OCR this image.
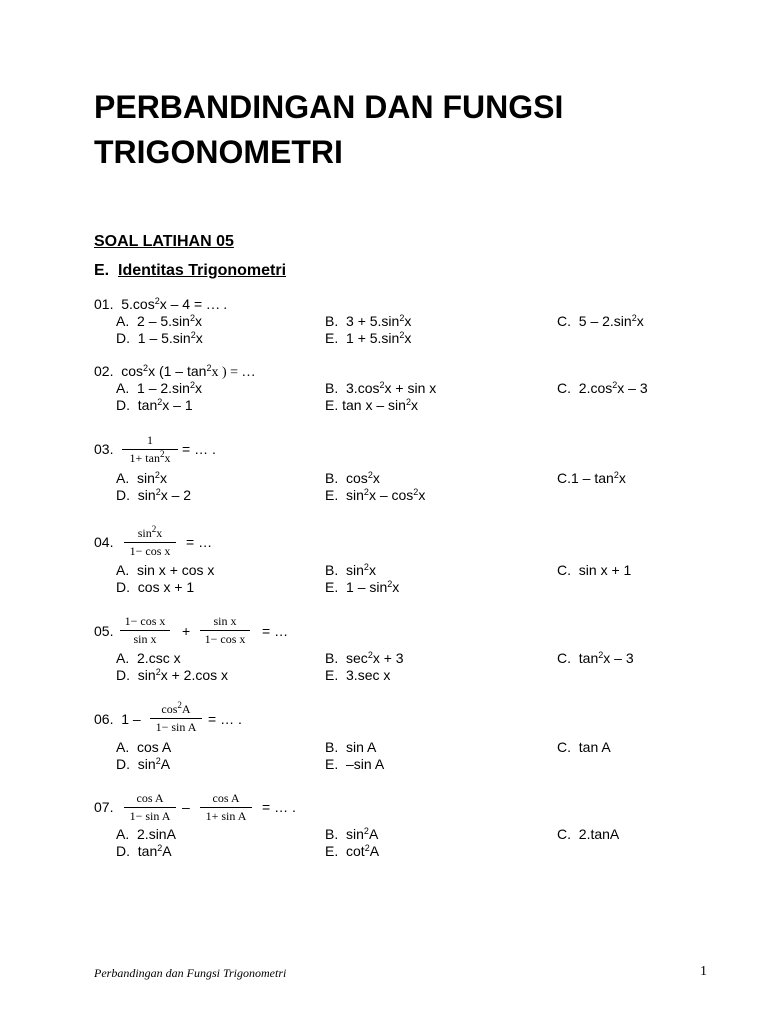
PERBANDINGAN DAN FUNGSI
TRIGONOMETRI
SOAL LATIHAN 05
E. Identitas Trigonometri
01. $5.\cos^2x - 4$ = … .
A. $2 - 5.\sin^2x$	B. $3 + 5.\sin^2x$	C. $5 - 2.\sin^2x$
D. $1 - 5.\sin^2x$	E. $1 + 5.\sin^2x$
02. $\cos^2x$ ($1 - \tan^2x$ ) = …
A. $1 - 2.\sin^2x$	B. $3.\cos^2x + \sin x$	C. $2.\cos^2x - 3$
D. $\tan^2x - 1$	E. tan x – $\sin^2x$
03.
1
$1+ \tan^2x$
= … .
A. $\sin^2x$	B. $\cos^2x$	$C.1 - \tan^2x$
D. $\sin^2x - 2$	E. $\sin^2x - \cos^2x$
04.
$\sin^2x$
1− cos x
= …
A. sin x + cos x	B. $\sin^2x$	C. sin x + 1
D. cos x + 1	E. $1 - \sin^2x$
05.
1− cos x
sin x	+
sin x
1− cos x	= …
A. 2.csc x	B. $\sec^2x + 3$	C. $\tan^2x - 3$
D. $\sin^2x + 2.\cos$ x	E. 3.sec x
06. 1 –
$\cos^2A$
1− sin A = … .
A. cos A	B. sin A	C. tan A
D. $\sin^2A$	E. –sin A
07.
cos A
1− sin A
–
cos A
1+ sin A
= … .
A. 2.sinA	B. $\sin^2A$	C. 2.tanA
D. $\tan^2A$	E. $\cot^2A$
Perbandingan dan Fungsi Trigonometri	1
